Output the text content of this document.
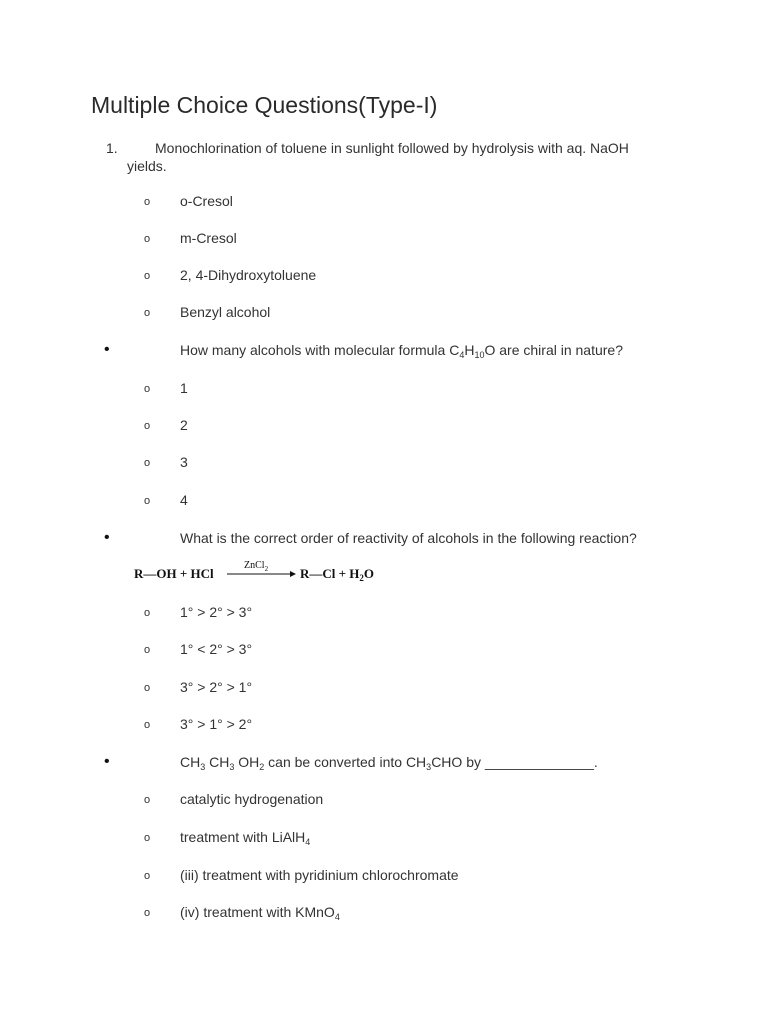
Multiple Choice Questions(Type-I)
1.	Monochlorination of toluene in sunlight followed by hydrolysis with aq. NaOH yields.
o o-Cresol
o m-Cresol
o 2, 4-Dihydroxytoluene
o Benzyl alcohol
•	How many alcohols with molecular formula $C_4H_{10}O$ are chiral in nature?
o 1
o 2
o 3
o 4
•	What is the correct order of reactivity of alcohols in the following reaction?
R—OH + HCl
ZnCl$_2$ R—Cl + $H_2O$
o 1° > 2° > 3°
o 1° < 2° > 3°
o 3° > 2° > 1°
o 3° > 1° > 2°
•	$CH_3$ $CH_3$ $OH_2$ can be converted into $CH_3CHO$ by ______________.
o catalytic hydrogenation
o treatment with LiAlH$_4$
o (iii) treatment with pyridinium chlorochromate
o (iv) treatment with KMnO$_4$
